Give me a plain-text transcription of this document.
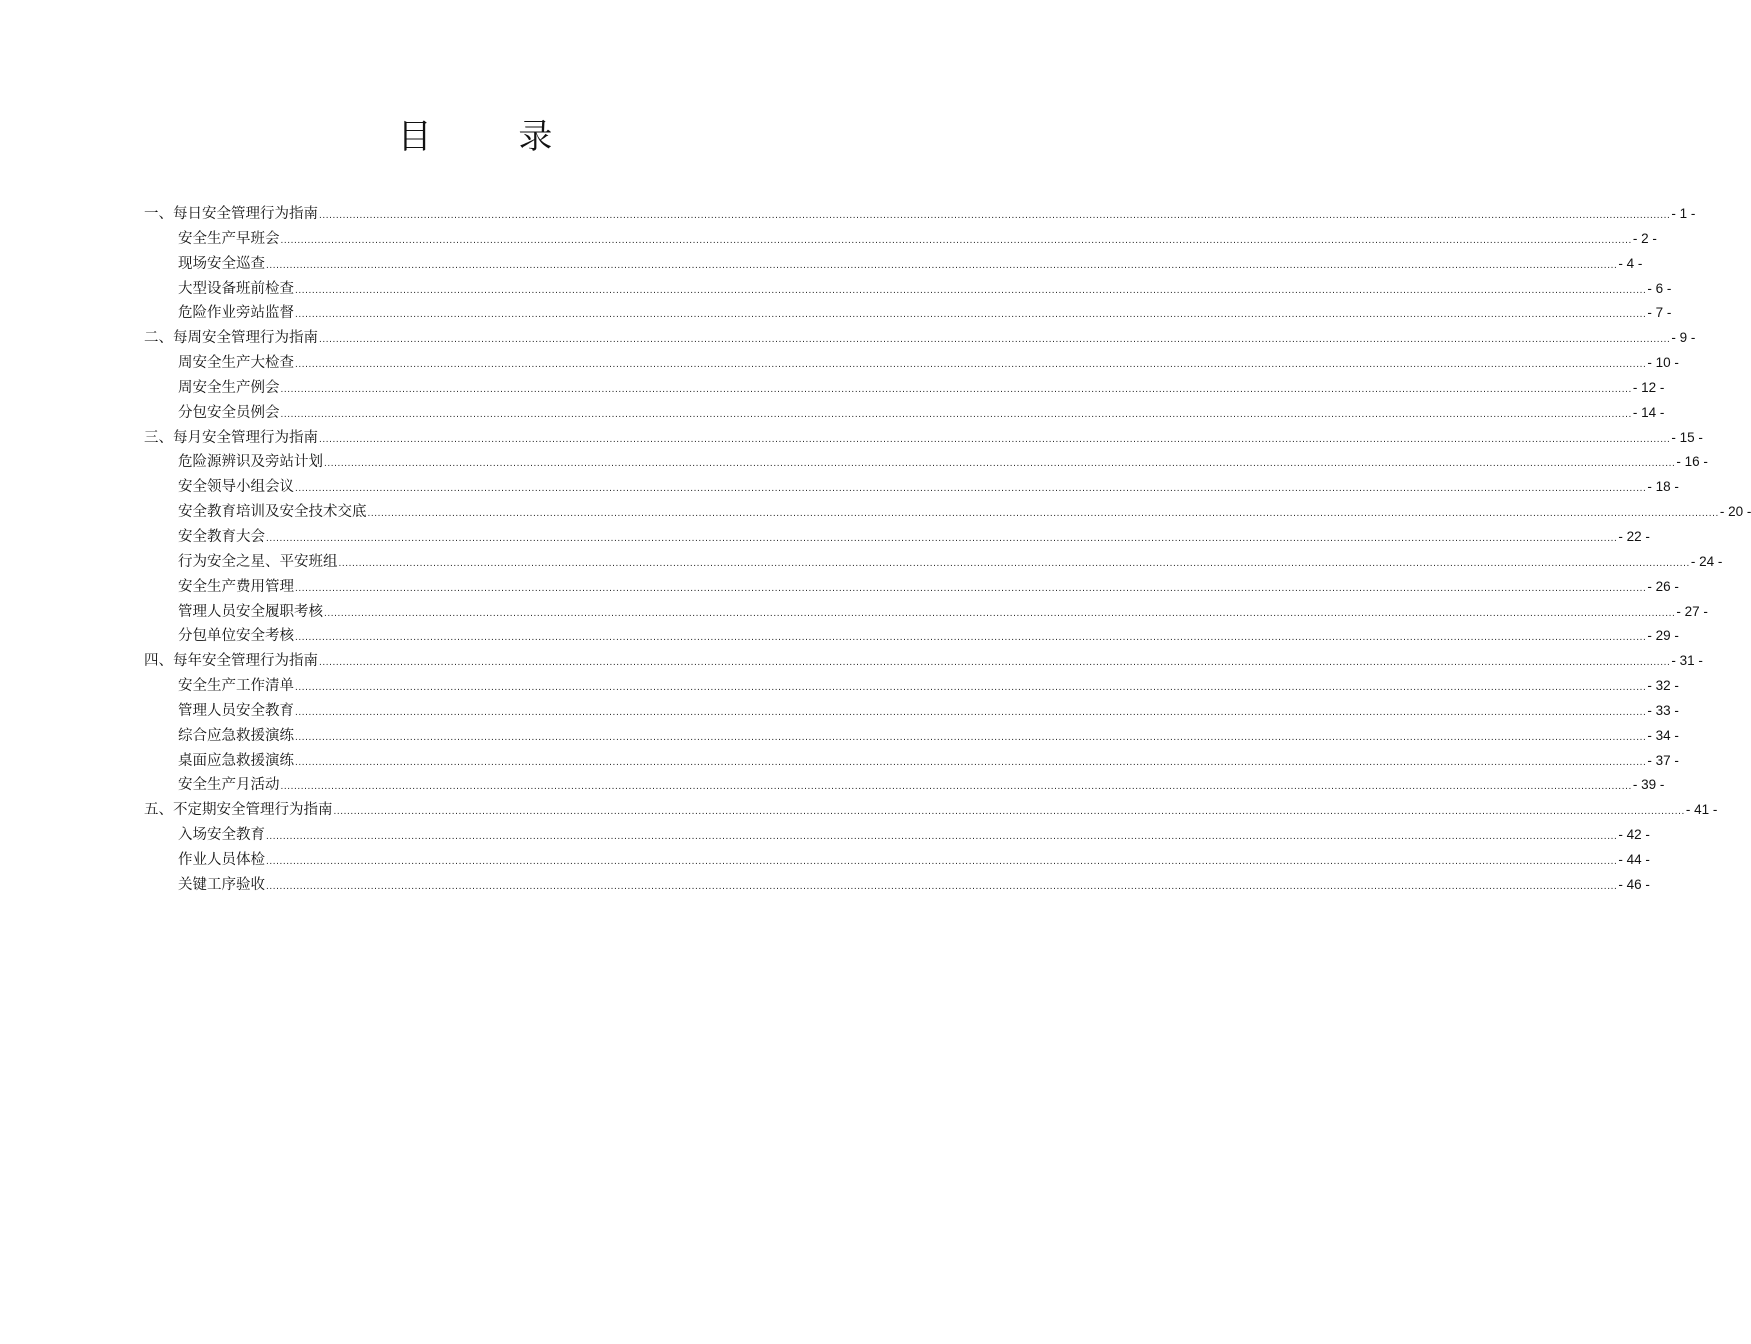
目 录
一、每日安全管理行为指南 ................................................................................................................................................................................................................................................................................................................................................................................................................ - 1 -
安全生产早班会 ................................................................................................................................................................................................................................................................................................................................................................................................................ - 2 -
现场安全巡查 ................................................................................................................................................................................................................................................................................................................................................................................................................ - 4 -
大型设备班前检查 ................................................................................................................................................................................................................................................................................................................................................................................................................ - 6 -
危险作业旁站监督 ................................................................................................................................................................................................................................................................................................................................................................................................................ - 7 -
二、每周安全管理行为指南 ................................................................................................................................................................................................................................................................................................................................................................................................................ - 9 -
周安全生产大检查 ................................................................................................................................................................................................................................................................................................................................................................................................................ - 10 -
周安全生产例会 ................................................................................................................................................................................................................................................................................................................................................................................................................ - 12 -
分包安全员例会 ................................................................................................................................................................................................................................................................................................................................................................................................................ - 14 -
三、每月安全管理行为指南 ................................................................................................................................................................................................................................................................................................................................................................................................................ - 15 -
危险源辨识及旁站计划 ................................................................................................................................................................................................................................................................................................................................................................................................................ - 16 -
安全领导小组会议 ................................................................................................................................................................................................................................................................................................................................................................................................................ - 18 -
安全教育培训及安全技术交底 ................................................................................................................................................................................................................................................................................................................................................................................................................ - 20 -
安全教育大会 ................................................................................................................................................................................................................................................................................................................................................................................................................ - 22 -
行为安全之星、平安班组 ................................................................................................................................................................................................................................................................................................................................................................................................................ - 24 -
安全生产费用管理 ................................................................................................................................................................................................................................................................................................................................................................................................................ - 26 -
管理人员安全履职考核 ................................................................................................................................................................................................................................................................................................................................................................................................................ - 27 -
分包单位安全考核 ................................................................................................................................................................................................................................................................................................................................................................................................................ - 29 -
四、每年安全管理行为指南 ................................................................................................................................................................................................................................................................................................................................................................................................................ - 31 -
安全生产工作清单 ................................................................................................................................................................................................................................................................................................................................................................................................................ - 32 -
管理人员安全教育 ................................................................................................................................................................................................................................................................................................................................................................................................................ - 33 -
综合应急救援演练 ................................................................................................................................................................................................................................................................................................................................................................................................................ - 34 -
桌面应急救援演练 ................................................................................................................................................................................................................................................................................................................................................................................................................ - 37 -
安全生产月活动 ................................................................................................................................................................................................................................................................................................................................................................................................................ - 39 -
五、不定期安全管理行为指南 ................................................................................................................................................................................................................................................................................................................................................................................................................ - 41 -
入场安全教育 ................................................................................................................................................................................................................................................................................................................................................................................................................ - 42 -
作业人员体检 ................................................................................................................................................................................................................................................................................................................................................................................................................ - 44 -
关键工序验收 ................................................................................................................................................................................................................................................................................................................................................................................................................ - 46 -
